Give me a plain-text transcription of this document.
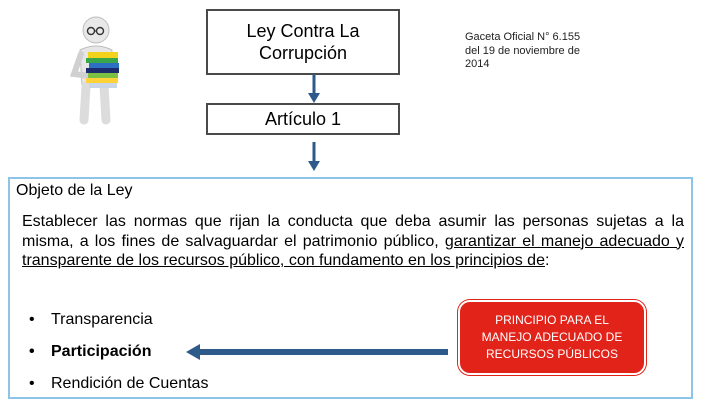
Ley Contra La Corrupción
Gaceta Oficial N° 6.155 del 19 de noviembre de 2014
Artículo 1
Objeto de la Ley
Establecer las normas que rijan la conducta que deba asumir las personas sujetas a la misma, a los fines de salvaguardar el patrimonio público, garantizar el manejo adecuado y transparente de los recursos público, con fundamento en los principios de:
• Transparencia
• Participación
• Rendición de Cuentas
PRINCIPIO PARA EL MANEJO ADECUADO DE RECURSOS PÚBLICOS
